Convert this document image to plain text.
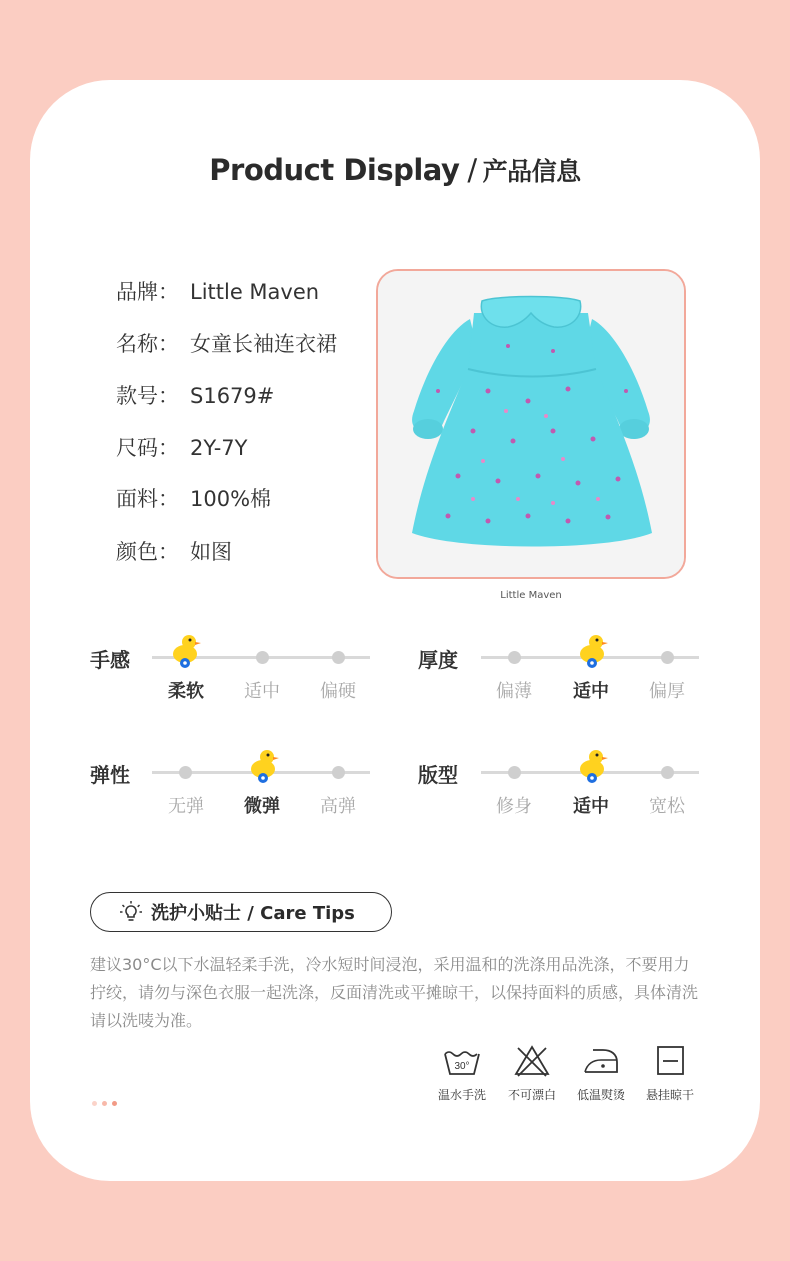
Product Display / 产品信息
品牌： Little Maven
名称： 女童长袖连衣裙
款号： S1679#
尺码： 2Y-7Y
面料： 100%棉
颜色： 如图
Little Maven
手感
柔软	适中	偏硬
厚度
偏薄	适中	偏厚
弹性
无弹	微弹	高弹
版型
修身	适中	宽松
洗护小贴士 / Care Tips
建议30°C以下水温轻柔手洗，冷水短时间浸泡，采用温和的洗涤用品洗涤，不要用力拧绞，请勿与深色衣服一起洗涤，反面清洗或平摊晾干，以保持面料的质感，具体清洗请以洗唛为准。
30°
温水手洗	不可漂白	低温熨烫	悬挂晾干
